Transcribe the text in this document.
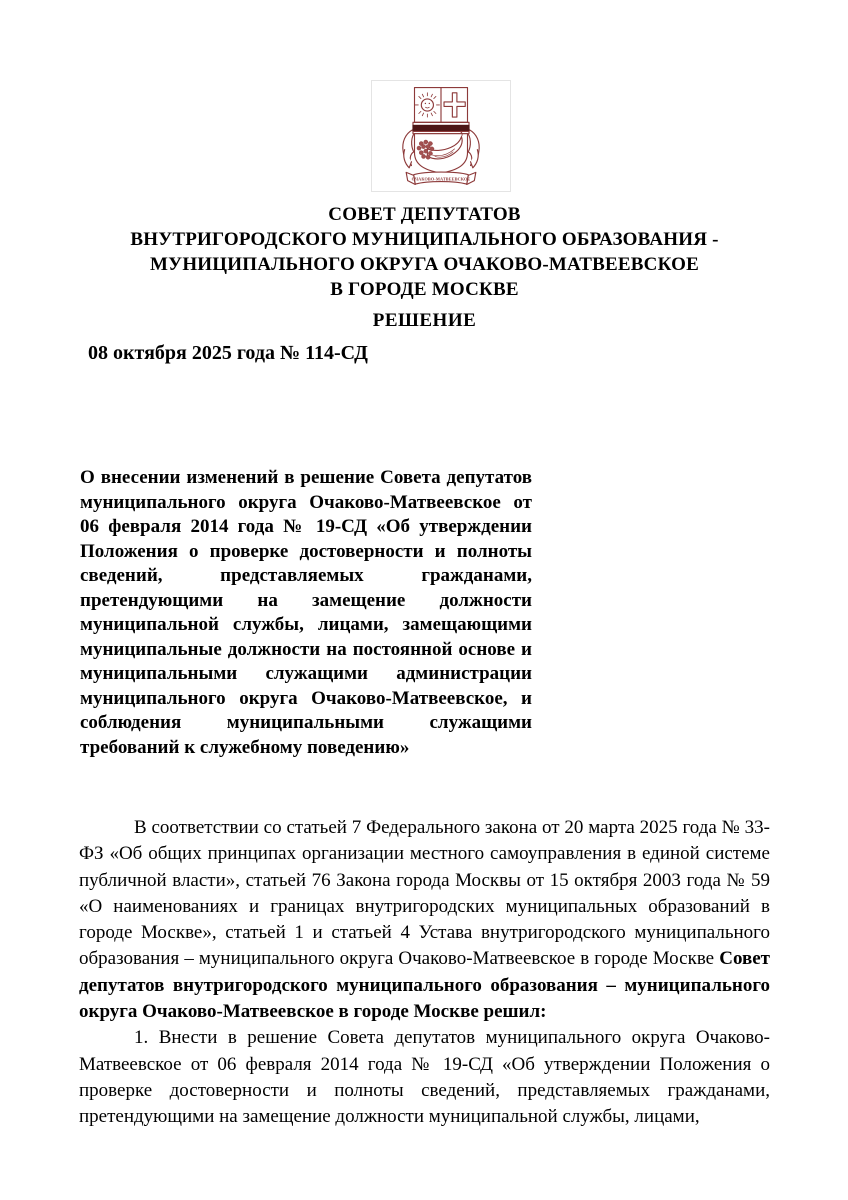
ОЧАКОВО-МАТВЕЕВСКОЕ
СОВЕТ ДЕПУТАТОВ
ВНУТРИГОРОДСКОГО МУНИЦИПАЛЬНОГО ОБРАЗОВАНИЯ -
МУНИЦИПАЛЬНОГО ОКРУГА ОЧАКОВО-МАТВЕЕВСКОЕ
В ГОРОДЕ МОСКВЕ
РЕШЕНИЕ
08 октября 2025 года № 114-СД
О внесении изменений в решение Совета депутатов муниципального округа Очаково-Матвеевское от 06 февраля 2014 года № 19-СД «Об утверждении Положения о проверке достоверности и полноты сведений, представляемых гражданами, претендующими на замещение должности муниципальной службы, лицами, замещающими муниципальные должности на постоянной основе и муниципальными служащими администрации муниципального округа Очаково-Матвеевское, и соблюдения муниципальными служащими требований к служебному поведению»

В соответствии со статьей 7 Федерального закона от 20 марта 2025 года № 33-ФЗ «Об общих принципах организации местного самоуправления в единой системе публичной власти», статьей 76 Закона города Москвы от 15 октября 2003 года № 59 «О наименованиях и границах внутригородских муниципальных образований в городе Москве», статьей 1 и статьей 4 Устава внутригородского муниципального образования – муниципального округа Очаково-Матвеевское в городе Москве Совет депутатов внутригородского муниципального образования – муниципального округа Очаково-Матвеевское в городе Москве решил:

1. Внести в решение Совета депутатов муниципального округа Очаково-Матвеевское от 06 февраля 2014 года № 19-СД «Об утверждении Положения о проверке достоверности и полноты сведений, представляемых гражданами, претендующими на замещение должности муниципальной службы, лицами,
